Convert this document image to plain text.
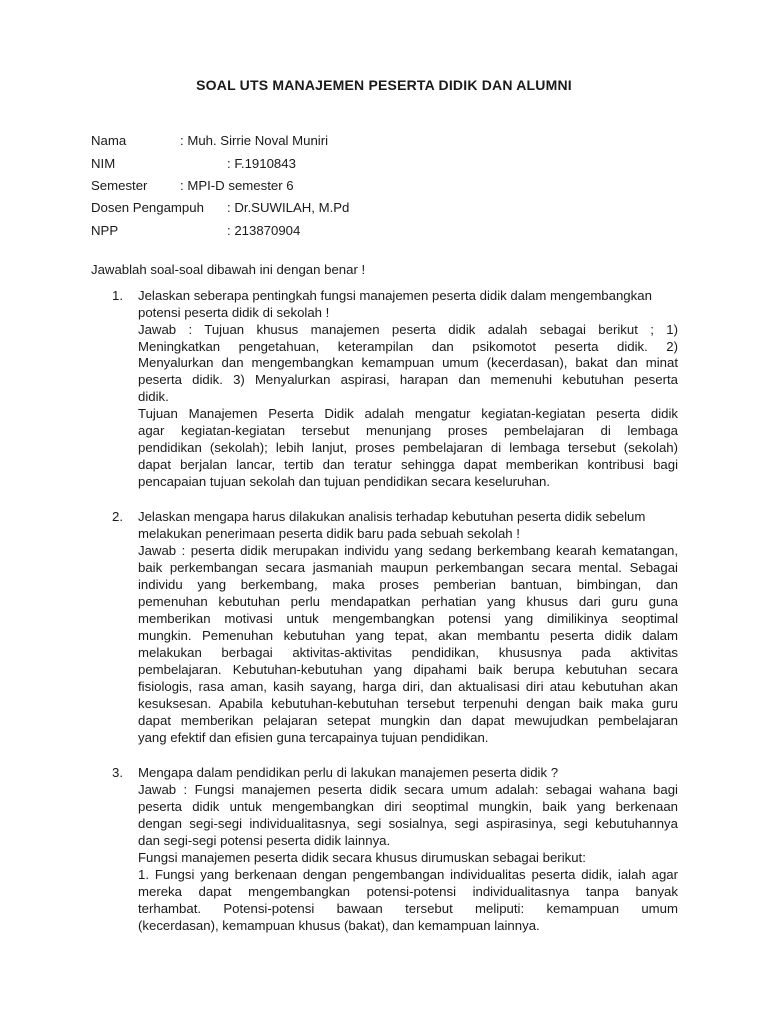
SOAL UTS MANAJEMEN PESERTA DIDIK DAN ALUMNI
Nama	: Muh. Sirrie Noval Muniri
NIM	: F.1910843
Semester : MPI-D semester 6
Dosen Pengampuh : Dr.SUWILAH, M.Pd
NPP	: 213870904
Jawablah soal-soal dibawah ini dengan benar !
1. Jelaskan seberapa pentingkah fungsi manajemen peserta didik dalam mengembangkan
potensi peserta didik di sekolah !
Jawab : Tujuan khusus manajemen peserta didik adalah sebagai berikut ; 1)
Meningkatkan pengetahuan, keterampilan dan psikomotot peserta didik. 2)
Menyalurkan dan mengembangkan kemampuan umum (kecerdasan), bakat dan minat
peserta didik. 3) Menyalurkan aspirasi, harapan dan memenuhi kebutuhan peserta
didik.
Tujuan Manajemen Peserta Didik adalah mengatur kegiatan-kegiatan peserta didik
agar kegiatan-kegiatan tersebut menunjang proses pembelajaran di lembaga
pendidikan (sekolah); lebih lanjut, proses pembelajaran di lembaga tersebut (sekolah)
dapat berjalan lancar, tertib dan teratur sehingga dapat memberikan kontribusi bagi
pencapaian tujuan sekolah dan tujuan pendidikan secara keseluruhan.
2. Jelaskan mengapa harus dilakukan analisis terhadap kebutuhan peserta didik sebelum
melakukan penerimaan peserta didik baru pada sebuah sekolah !
Jawab : peserta didik merupakan individu yang sedang berkembang kearah kematangan,
baik perkembangan secara jasmaniah maupun perkembangan secara mental. Sebagai
individu yang berkembang, maka proses pemberian bantuan, bimbingan, dan
pemenuhan kebutuhan perlu mendapatkan perhatian yang khusus dari guru guna
memberikan motivasi untuk mengembangkan potensi yang dimilikinya seoptimal
mungkin. Pemenuhan kebutuhan yang tepat, akan membantu peserta didik dalam
melakukan berbagai aktivitas-aktivitas pendidikan, khususnya pada aktivitas
pembelajaran. Kebutuhan-kebutuhan yang dipahami baik berupa kebutuhan secara
fisiologis, rasa aman, kasih sayang, harga diri, dan aktualisasi diri atau kebutuhan akan
kesuksesan. Apabila kebutuhan-kebutuhan tersebut terpenuhi dengan baik maka guru
dapat memberikan pelajaran setepat mungkin dan dapat mewujudkan pembelajaran
yang efektif dan efisien guna tercapainya tujuan pendidikan.
3. Mengapa dalam pendidikan perlu di lakukan manajemen peserta didik ?
Jawab : Fungsi manajemen peserta didik secara umum adalah: sebagai wahana bagi
peserta didik untuk mengembangkan diri seoptimal mungkin, baik yang berkenaan
dengan segi-segi individualitasnya, segi sosialnya, segi aspirasinya, segi kebutuhannya
dan segi-segi potensi peserta didik lainnya.
Fungsi manajemen peserta didik secara khusus dirumuskan sebagai berikut:
1. Fungsi yang berkenaan dengan pengembangan individualitas peserta didik, ialah agar
mereka dapat mengembangkan potensi-potensi individualitasnya tanpa banyak
terhambat. Potensi-potensi bawaan tersebut meliputi: kemampuan umum
(kecerdasan), kemampuan khusus (bakat), dan kemampuan lainnya.
